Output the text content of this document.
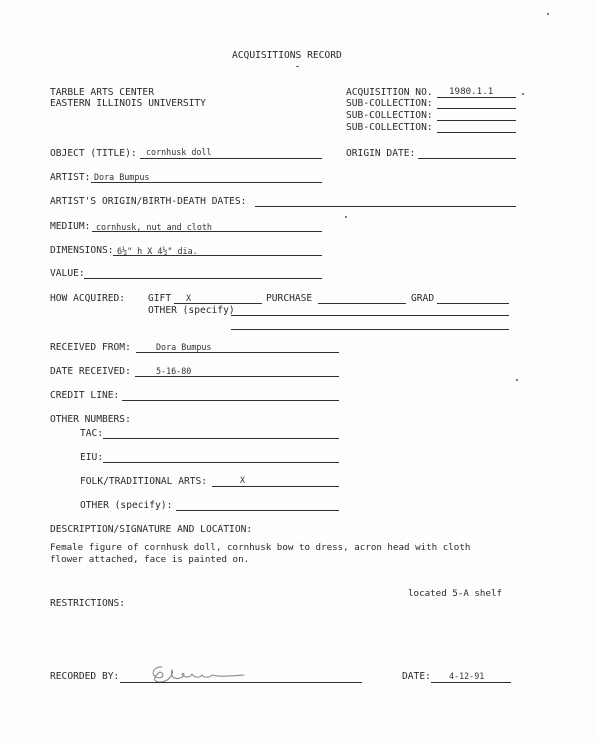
ACQUISITIONS RECORD
TARBLE ARTS CENTER
EASTERN ILLINOIS UNIVERSITY
ACQUISITION NO. 1980.1.1
SUB-COLLECTION:
SUB-COLLECTION:
SUB-COLLECTION:
OBJECT (TITLE): cornhusk doll	ORIGIN DATE:
ARTIST: Dora Bumpus
ARTIST'S ORIGIN/BIRTH-DEATH DATES:
MEDIUM: cornhusk, nut and cloth
DIMENSIONS: 6½" h X 4½" dia.
VALUE:
HOW ACQUIRED: GIFT X	PURCHASE	GRAD
OTHER (specify)
RECEIVED FROM:	Dora Bumpus
DATE RECEIVED:	5-16-80
CREDIT LINE:
OTHER NUMBERS:
TAC:
EIU:
FOLK/TRADITIONAL ARTS:	X
OTHER (specify):
DESCRIPTION/SIGNATURE AND LOCATION:
Female figure of cornhusk doll, cornhusk bow to dress, acron head with cloth
flower attached, face is painted on.
located 5-A shelf
RESTRICTIONS:
RECORDED BY:	DATE: 4-12-91
